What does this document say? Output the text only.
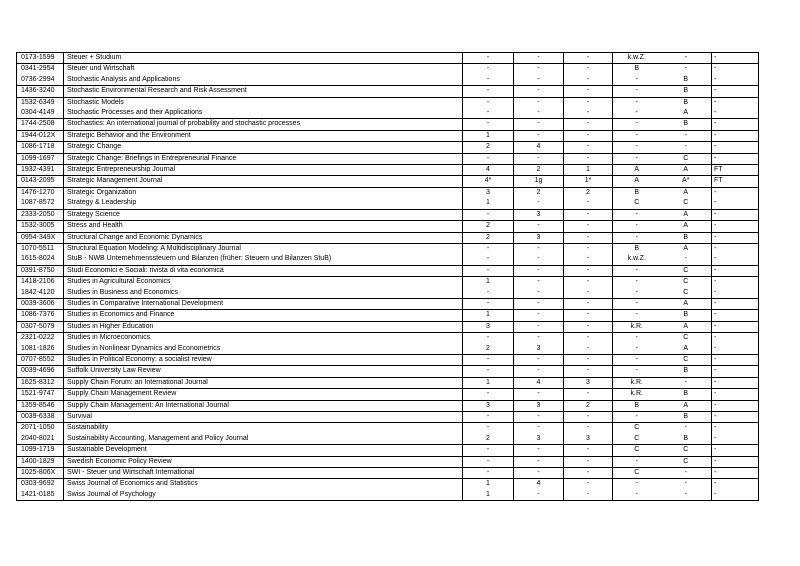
0173-1599	Steuer + Studium	-	-	-	k.w.Z.	-	-
0341-2954	Steuer und Wirtschaft	-	-	-	B	-	-
0736-2994	Stochastic Analysis and Applications	-	-	-	-	B	-
1436-3240	Stochastic Environmental Research and Risk Assessment	-	-	-	-	B	-
1532-6349	Stochastic Models	-	-	-	-	B	-
0304-4149	Stochastic Processes and their Applications	-	-	-	-	A	-
1744-2508	Stochastics: An international journal of probability and stochastic processes	-	-	-	-	B	-
1944-012X	Strategic Behavior and the Environment	1	-	-	-	-	-
1086-1718	Strategic Change	2	4	-	-	-	-
1099-1697	Strategic Change: Briefings in Entrepreneurial Finance	-	-	-	-	C	-
1932-4391	Strategic Entrepreneurship Journal	4	2	1	A	A	FT
0143-2095	Strategic Management Journal	4*	1g	1*	A	A*	FT
1476-1270	Strategic Organization	3	2	2	B	A	-
1087-8572	Strategy & Leadership	1	-	-	C	C	-
2333-2050	Strategy Science	-	3	-	-	A	-
1532-3005	Stress and Health	2	-	-	-	A	-
0954-349X	Structural Change and Economic Dynamics	2	3	-	-	B	-
1070-5511	Structural Equation Modeling: A Multidisciplinary Journal	-	-	-	B	A	-
1615-8024	StuB - NWB Unternehmenssteuern und Bilanzen (früher: Steuern und Bilanzen StuB)	-	-	-	k.w.Z.	-	-
0391-8750	Studi Economici e Sociali: rivista di vita economica	-	-	-	-	C	-
1418-2106	Studies in Agricultural Economics	1	-	-	-	C	-
1842-4120	Studies in Business and Economics	-	-	-	-	C	-
0039-3606	Studies in Comparative International Development	-	-	-	-	A	-
1086-7376	Studies in Economics and Finance	1	-	-	-	B	-
0307-5079	Studies in Higher Education	3	-	-	k.R.	A	-
2321-0222	Studies in Microeconomics	-	-	-	-	C	-
1081-1826	Studies in Nonlinear Dynamics and Econometrics	2	3	-	-	A	-
0707-8552	Studies in Political Economy: a socialist review	-	-	-	-	C	-
0039-4696	Suffolk University Law Review	-	-	-	-	B	-
1625-8312	Supply Chain Forum: an International Journal	1	4	3	k.R.	-	-
1521-9747	Supply Chain Management Review	-	-	-	k.R.	B	-
1359-8546	Supply Chain Management: An International Journal	3	3	2	B	A	-
0039-6338	Survival	-	-	-	-	B	-
2071-1050	Sustainability	-	-	-	C	-	-
2040-8021	Sustainability Accounting, Management and Policy Journal	2	3	3	C	B	-
1099-1719	Sustainable Development	-	-	-	C	C	-
1400-1829	Swedish Economic Policy Review	-	-	-	-	C	-
1025-806X	SWI - Steuer und Wirtschaft International	-	-	-	C	-	-
0303-9692	Swiss Journal of Economics and Statistics	1	4	-	-	-	-
1421-0185	Swiss Journal of Psychology	1	-	-	-	-	-
